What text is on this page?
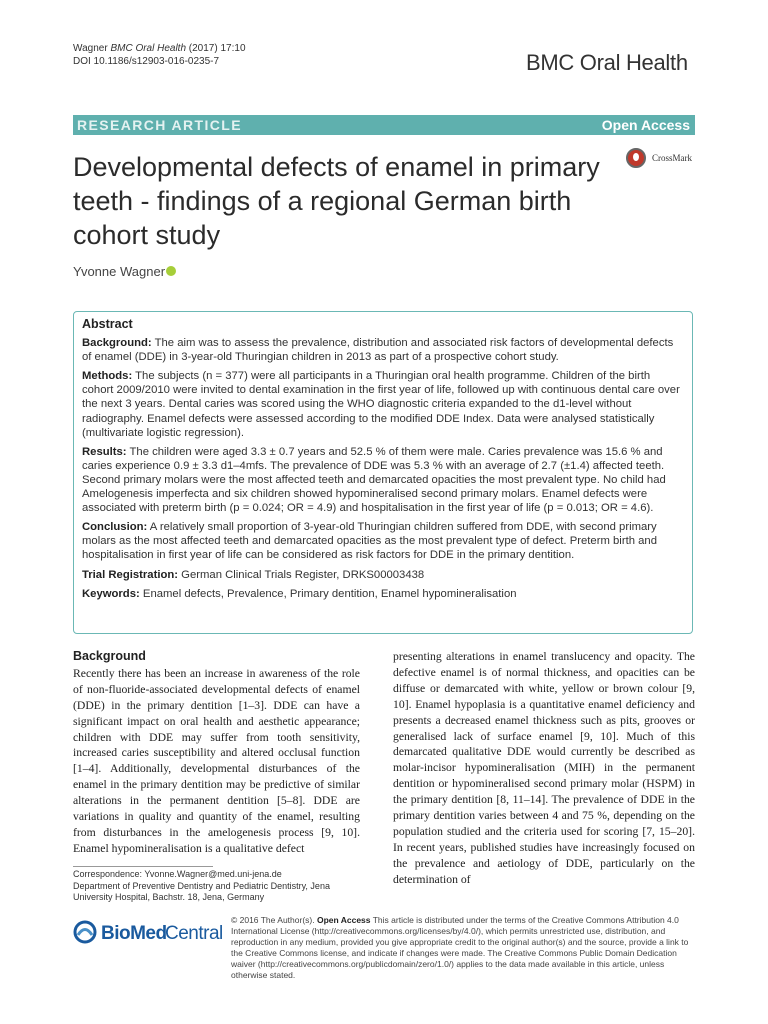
Wagner BMC Oral Health (2017) 17:10
DOI 10.1186/s12903-016-0235-7	BMC Oral Health
RESEARCH ARTICLE	Open Access
Developmental defects of enamel in primary teeth - findings of a regional German birth cohort study
CrossMark
Yvonne Wagner
Abstract

Background: The aim was to assess the prevalence, distribution and associated risk factors of developmental defects of enamel (DDE) in 3-year-old Thuringian children in 2013 as part of a prospective cohort study.

Methods: The subjects (n = 377) were all participants in a Thuringian oral health programme. Children of the birth cohort 2009/2010 were invited to dental examination in the first year of life, followed up with continuous dental care over the next 3 years. Dental caries was scored using the WHO diagnostic criteria expanded to the d1-level without radiography. Enamel defects were assessed according to the modified DDE Index. Data were analysed statistically (multivariate logistic regression).

Results: The children were aged 3.3 ± 0.7 years and 52.5 % of them were male. Caries prevalence was 15.6 % and caries experience 0.9 ± 3.3 d1–4mfs. The prevalence of DDE was 5.3 % with an average of 2.7 (±1.4) affected teeth. Second primary molars were the most affected teeth and demarcated opacities the most prevalent type. No child had Amelogenesis imperfecta and six children showed hypomineralised second primary molars. Enamel defects were associated with preterm birth (p = 0.024; OR = 4.9) and hospitalisation in the first year of life (p = 0.013; OR = 4.6).

Conclusion: A relatively small proportion of 3-year-old Thuringian children suffered from DDE, with second primary molars as the most affected teeth and demarcated opacities as the most prevalent type of defect. Preterm birth and hospitalisation in first year of life can be considered as risk factors for DDE in the primary dentition.

Trial Registration: German Clinical Trials Register, DRKS00003438

Keywords: Enamel defects, Prevalence, Primary dentition, Enamel hypomineralisation

Background
Recently there has been an increase in awareness of the role of non-fluoride-associated developmental defects of enamel (DDE) in the primary dentition [1–3]. DDE can have a significant impact on oral health and aesthetic appearance; children with DDE may suffer from tooth sensitivity, increased caries susceptibility and altered occlusal function [1–4]. Additionally, developmental disturbances of the enamel in the primary dentition may be predictive of similar alterations in the permanent dentition [5–8]. DDE are variations in quality and quantity of the enamel, resulting from disturbances in the amelogenesis process [9, 10]. Enamel hypomineralisation is a qualitative defect
presenting alterations in enamel translucency and opacity. The defective enamel is of normal thickness, and opacities can be diffuse or demarcated with white, yellow or brown colour [9, 10]. Enamel hypoplasia is a quantitative enamel deficiency and presents a decreased enamel thickness such as pits, grooves or generalised lack of surface enamel [9, 10]. Much of this demarcated qualitative DDE would currently be described as molar-incisor hypomineralisation (MIH) in the permanent dentition or hypomineralised second primary molar (HSPM) in the primary dentition [8, 11–14]. The prevalence of DDE in the primary dentition varies between 4 and 75 %, depending on the population studied and the criteria used for scoring [7, 15–20]. In recent years, published studies have increasingly focused on the prevalence and aetiology of DDE, particularly on the determination of
Correspondence: Yvonne.Wagner@med.uni-jena.de
Department of Preventive Dentistry and Pediatric Dentistry, Jena University Hospital, Bachstr. 18, Jena, Germany
BioMed
Central
© 2016 The Author(s). Open Access This article is distributed under the terms of the Creative Commons Attribution 4.0 International License (http://creativecommons.org/licenses/by/4.0/), which permits unrestricted use, distribution, and reproduction in any medium, provided you give appropriate credit to the original author(s) and the source, provide a link to the Creative Commons license, and indicate if changes were made. The Creative Commons Public Domain Dedication waiver (http://creativecommons.org/publicdomain/zero/1.0/) applies to the data made available in this article, unless otherwise stated.
